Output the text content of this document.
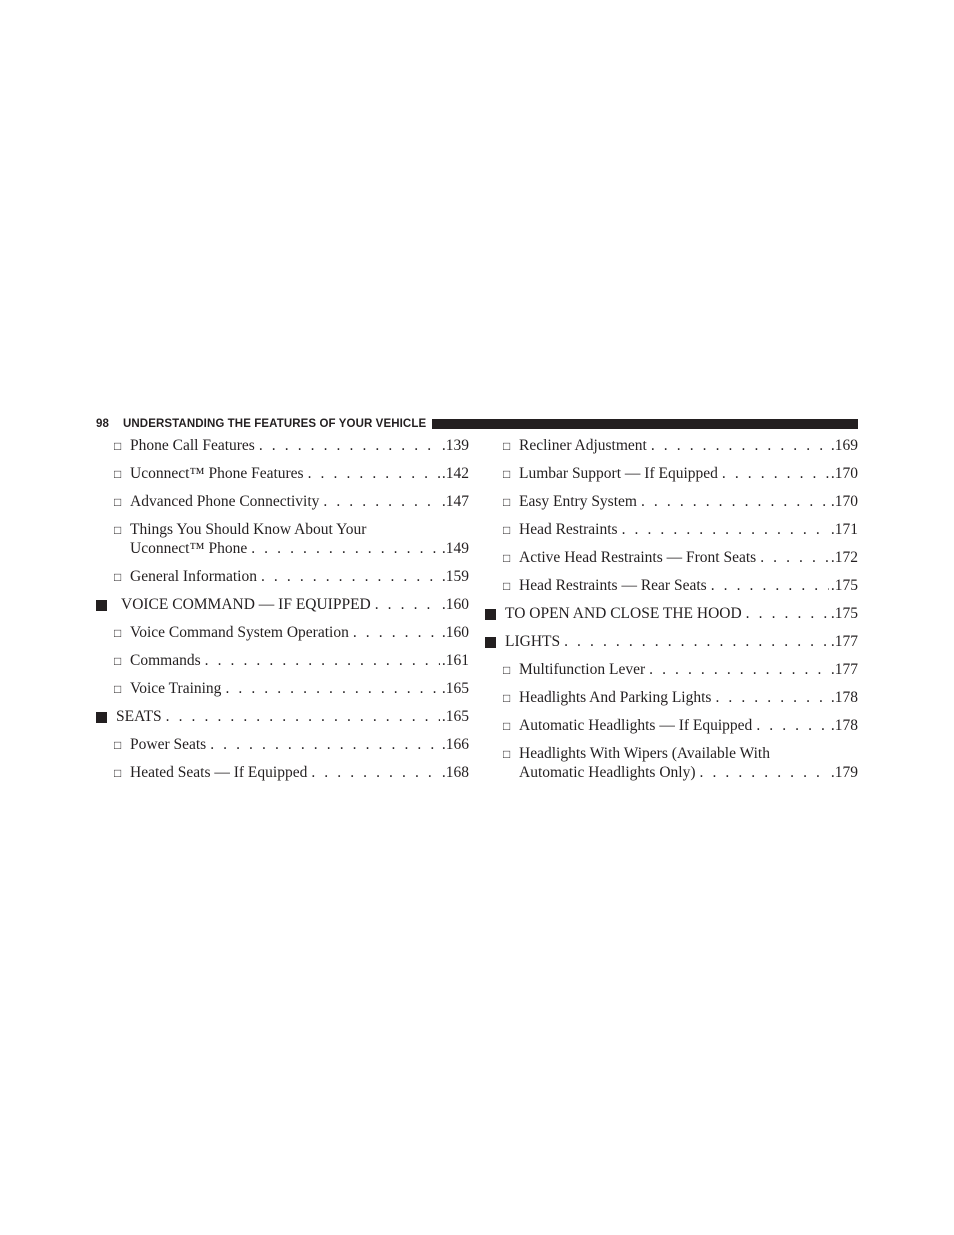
98 UNDERSTANDING THE FEATURES OF YOUR VEHICLE
□ Phone Call Features . . .	.139
□ Uconnect™ Phone Features . . .	.142
□ Advanced Phone Connectivity . . .	.147
□ Things You Should Know About Your
Uconnect™ Phone . . .	.149
□ General Information . . .	.159
VOICE COMMAND — IF EQUIPPED . . .	.160
□ Voice Command System Operation . . .	.160
□ Commands . . .	.161
□ Voice Training . . .	.165
SEATS . . .	.165
□ Power Seats . . .	.166
□ Heated Seats — If Equipped . . .	.168
□ Recliner Adjustment . . .	.169
□ Lumbar Support — If Equipped . . .	.170
□ Easy Entry System . . .	.170
□ Head Restraints . . .	.171
□ Active Head Restraints — Front Seats . . .	.172
□ Head Restraints — Rear Seats . . .	.175
TO OPEN AND CLOSE THE HOOD . . .	.175
LIGHTS . . .	.177
□ Multifunction Lever . . .	.177
□ Headlights And Parking Lights . . .	.178
□ Automatic Headlights — If Equipped . . .	.178
□ Headlights With Wipers (Available With
Automatic Headlights Only) . . .	.179
